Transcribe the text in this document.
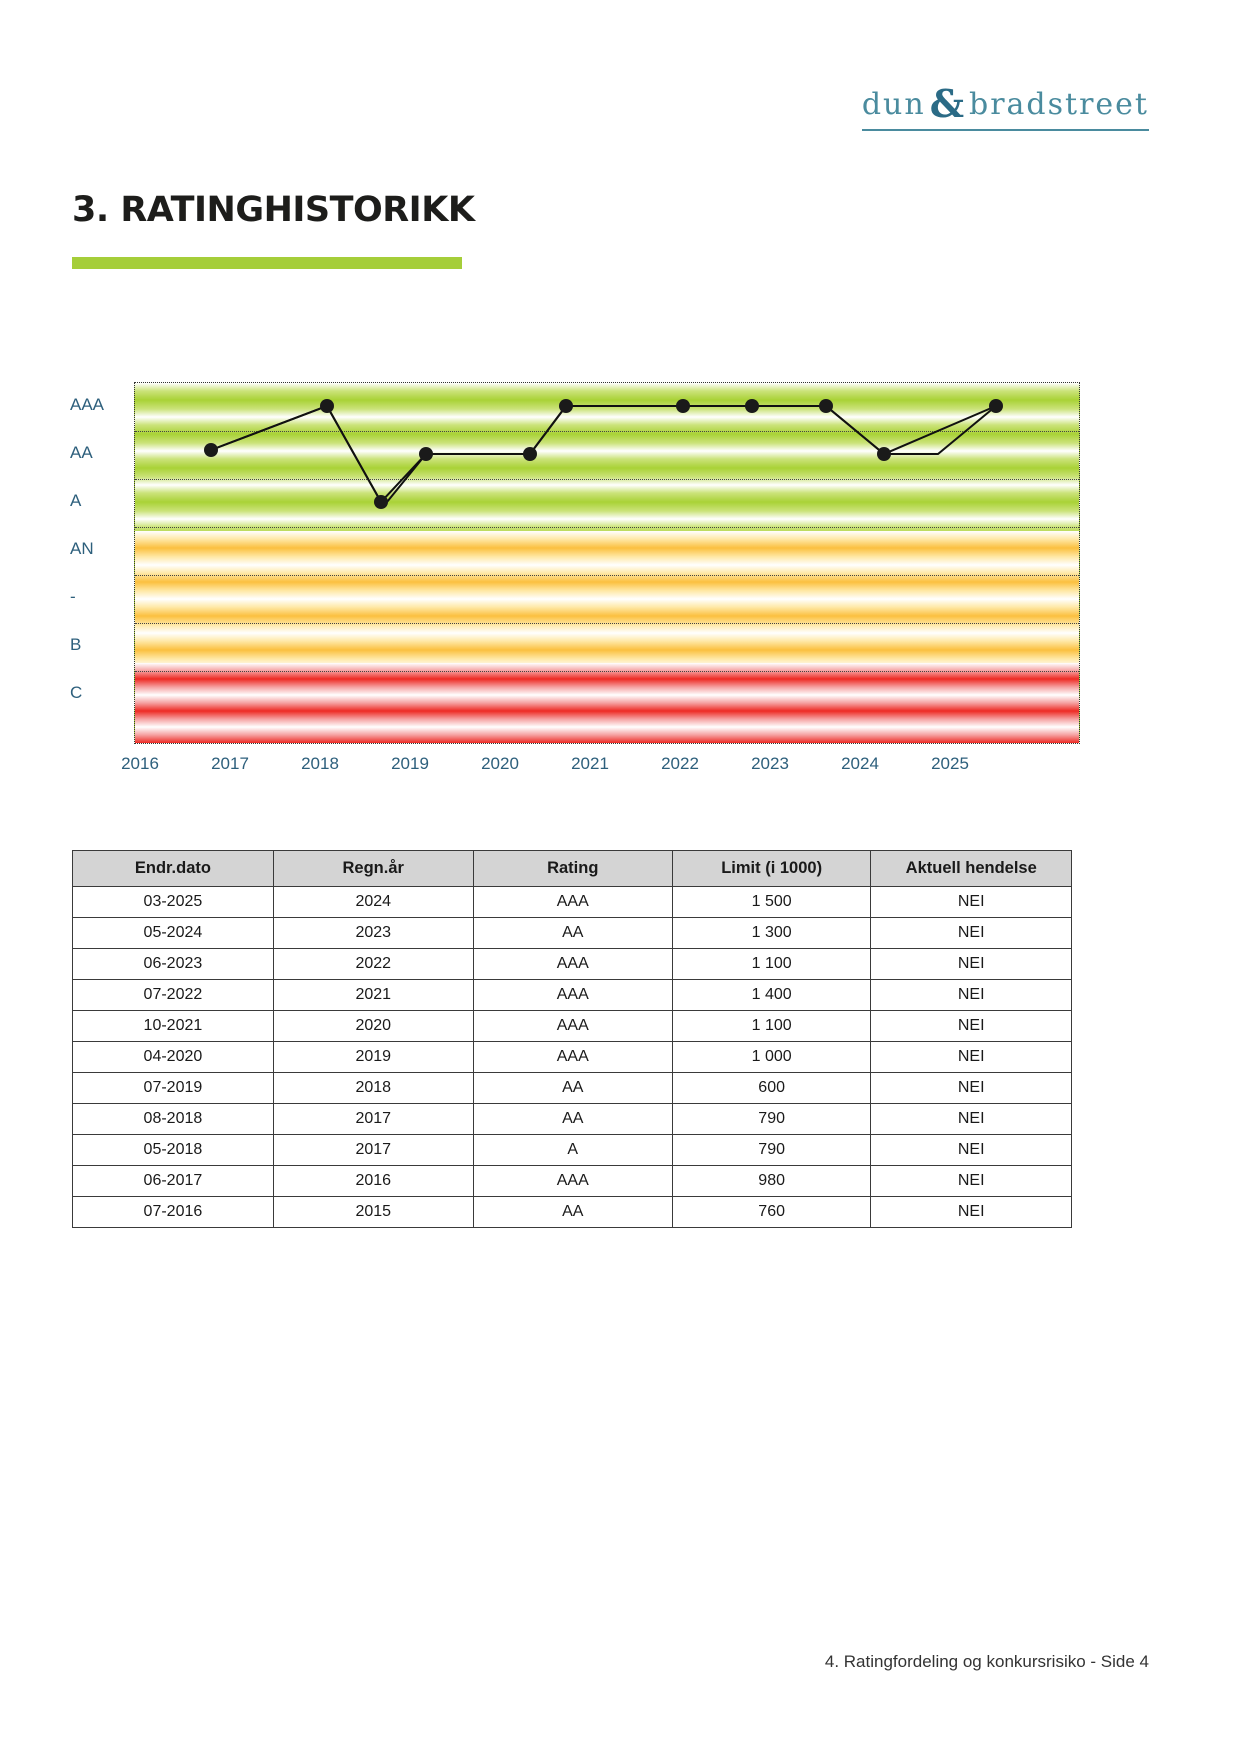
dun & bradstreet
3. RATINGHISTORIKK
AAA
AA
A
AN
-
B
C
2016	2017	2018	2019	2020	2021	2022	2023	2024	2025
Endr.dato	Regn.år	Rating	Limit (i 1000)	Aktuell hendelse
03-2025	2024	AAA	1 500	NEI
05-2024	2023	AA	1 300	NEI
06-2023	2022	AAA	1 100	NEI
07-2022	2021	AAA	1 400	NEI
10-2021	2020	AAA	1 100	NEI
04-2020	2019	AAA	1 000	NEI
07-2019	2018	AA	600	NEI
08-2018	2017	AA	790	NEI
05-2018	2017	A	790	NEI
06-2017	2016	AAA	980	NEI
07-2016	2015	AA	760	NEI
4. Ratingfordeling og konkursrisiko - Side 4
